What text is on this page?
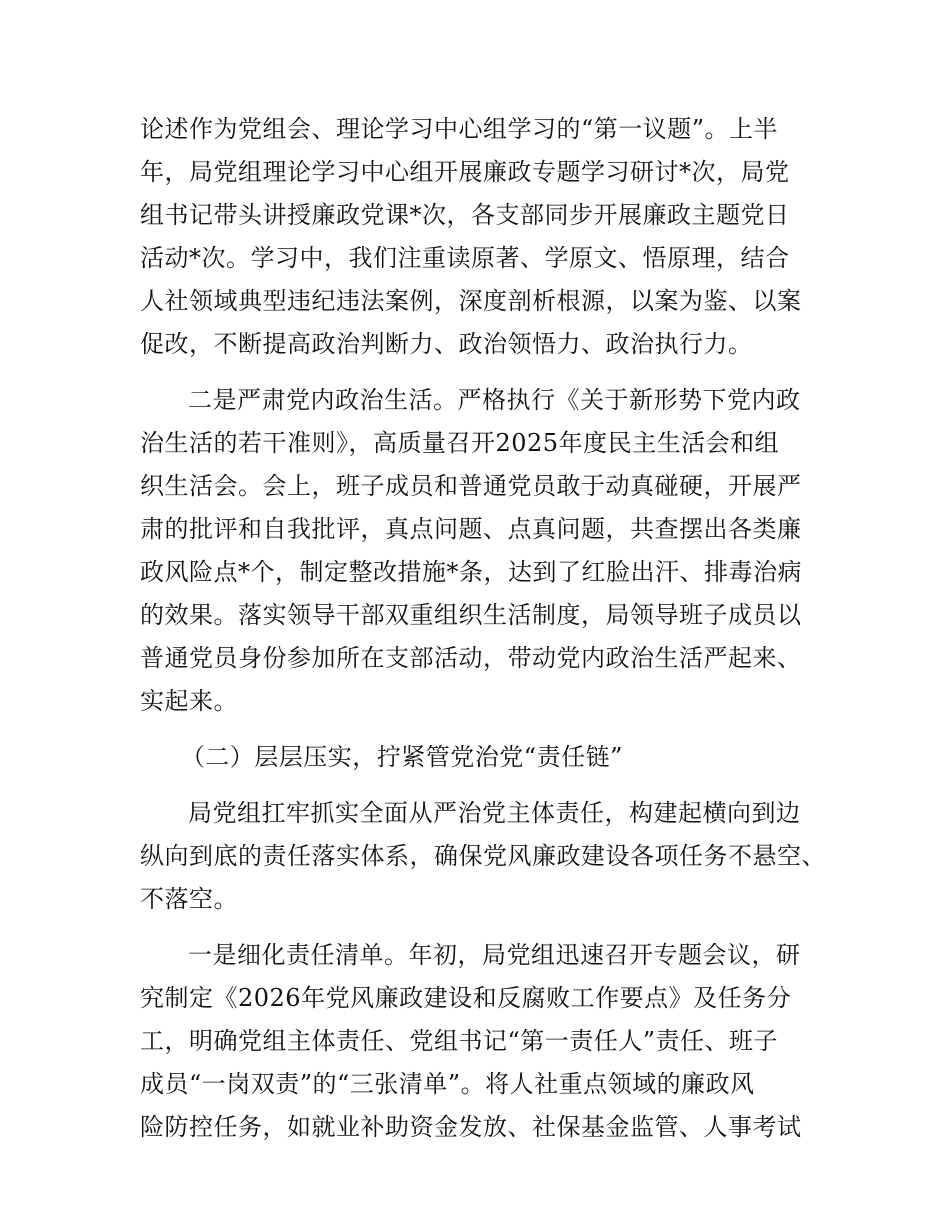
论述作为党组会、理论学习中心组学习的“第一议题”。上半
年，局党组理论学习中心组开展廉政专题学习研讨*次，局党
组书记带头讲授廉政党课*次，各支部同步开展廉政主题党日
活动*次。学习中，我们注重读原著、学原文、悟原理，结合
人社领域典型违纪违法案例，深度剖析根源，以案为鉴、以案
促改，不断提高政治判断力、政治领悟力、政治执行力。

二是严肃党内政治生活。严格执行《关于新形势下党内政
治生活的若干准则》，高质量召开2025年度民主生活会和组
织生活会。会上，班子成员和普通党员敢于动真碰硬，开展严
肃的批评和自我批评，真点问题、点真问题，共查摆出各类廉
政风险点*个，制定整改措施*条，达到了红脸出汗、排毒治病
的效果。落实领导干部双重组织生活制度，局领导班子成员以
普通党员身份参加所在支部活动，带动党内政治生活严起来、
实起来。

（二）层层压实，拧紧管党治党“责任链”

局党组扛牢抓实全面从严治党主体责任，构建起横向到边
纵向到底的责任落实体系，确保党风廉政建设各项任务不悬空、
不落空。

一是细化责任清单。年初，局党组迅速召开专题会议，研
究制定《2026年党风廉政建设和反腐败工作要点》及任务分
工，明确党组主体责任、党组书记“第一责任人”责任、班子
成员“一岗双责”的“三张清单”。将人社重点领域的廉政风
险防控任务，如就业补助资金发放、社保基金监管、人事考试
